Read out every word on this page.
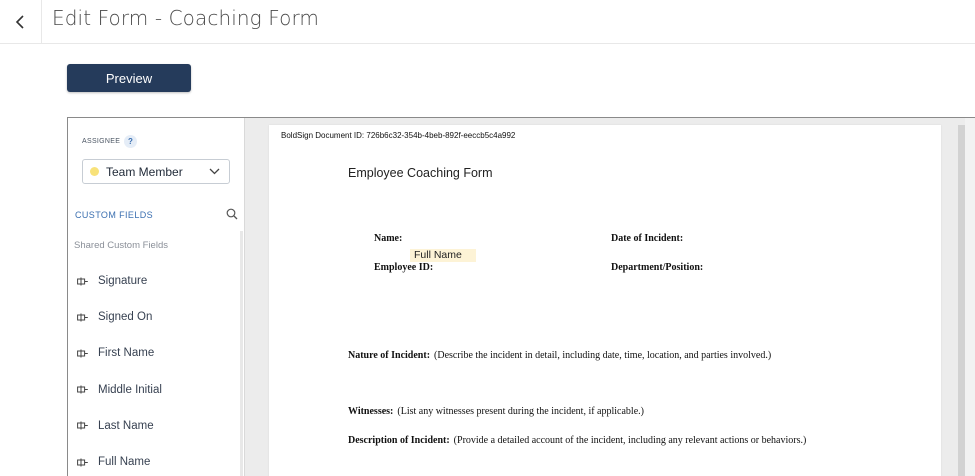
Edit Form - Coaching Form
Preview
ASSIGNEE ?
Team Member
CUSTOM FIELDS
Shared Custom Fields
Signature
Signed On
First Name
Middle Initial
Last Name
Full Name
BoldSign Document ID: 726b6c32-354b-4beb-892f-eeccb5c4a992
Employee Coaching Form
Name:	Date of Incident:
Full Name
Employee ID:	Department/Position:
Nature of Incident: (Describe the incident in detail, including date, time, location, and parties involved.)
Witnesses: (List any witnesses present during the incident, if applicable.)
Description of Incident: (Provide a detailed account of the incident, including any relevant actions or behaviors.)
